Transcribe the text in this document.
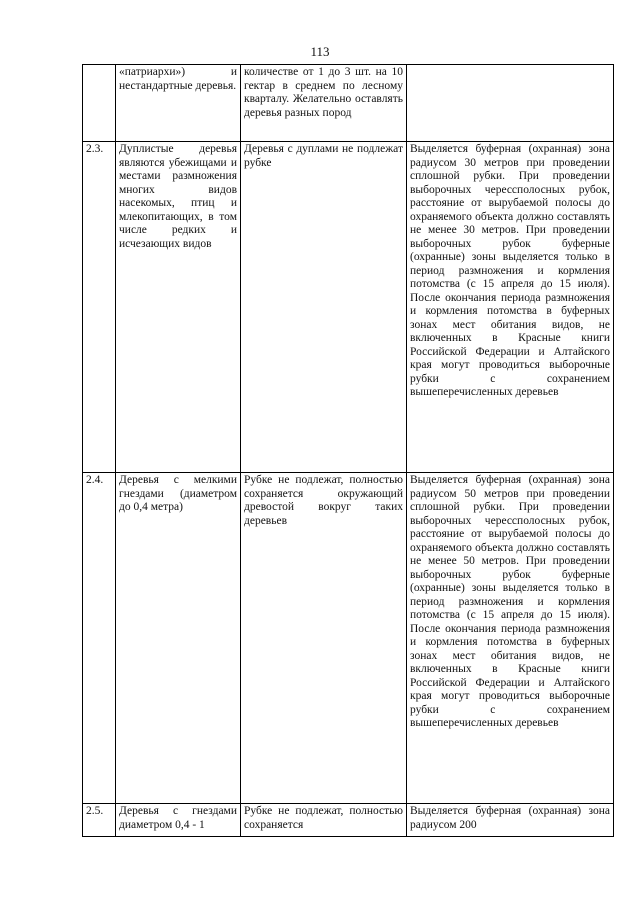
113

	«патриархи») и нестандартные деревья.	количестве от 1 до 3 шт. на 10 гектар в среднем по лесному кварталу. Желательно оставлять деревья разных пород	

2.3.	Дуплистые деревья являются убежищами и местами размножения многих видов насекомых, птиц и млекопитающих, в том числе редких и исчезающих видов	Деревья с дуплами не подлежат рубке	Выделяется буферная (охранная) зона радиусом 30 метров при проведении сплошной рубки. При проведении выборочных черессполосных рубок, расстояние от вырубаемой полосы до охраняемого объекта должно составлять не менее 30 метров. При проведении выборочных рубок буферные (охранные) зоны выделяется только в период размножения и кормления потомства (с 15 апреля до 15 июля). После окончания периода размножения и кормления потомства в буферных зонах мест обитания видов, не включенных в Красные книги Российской Федерации и Алтайского края могут проводиться выборочные рубки с сохранением вышеперечисленных деревьев

2.4.	Деревья с мелкими гнездами (диаметром до 0,4 метра)	Рубке не подлежат, полностью сохраняется окружающий древостой вокруг таких деревьев	Выделяется буферная (охранная) зона радиусом 50 метров при проведении сплошной рубки. При проведении выборочных черессполосных рубок, расстояние от вырубаемой полосы до охраняемого объекта должно составлять не менее 50 метров. При проведении выборочных рубок буферные (охранные) зоны выделяется только в период размножения и кормления потомства (с 15 апреля до 15 июля). После окончания периода размножения и кормления потомства в буферных зонах мест обитания видов, не включенных в Красные книги Российской Федерации и Алтайского края могут проводиться выборочные рубки с сохранением вышеперечисленных деревьев

2.5.	Деревья с гнездами диаметром 0,4 - 1	Рубке не подлежат, полностью сохраняется	Выделяется буферная (охранная) зона радиусом 200
